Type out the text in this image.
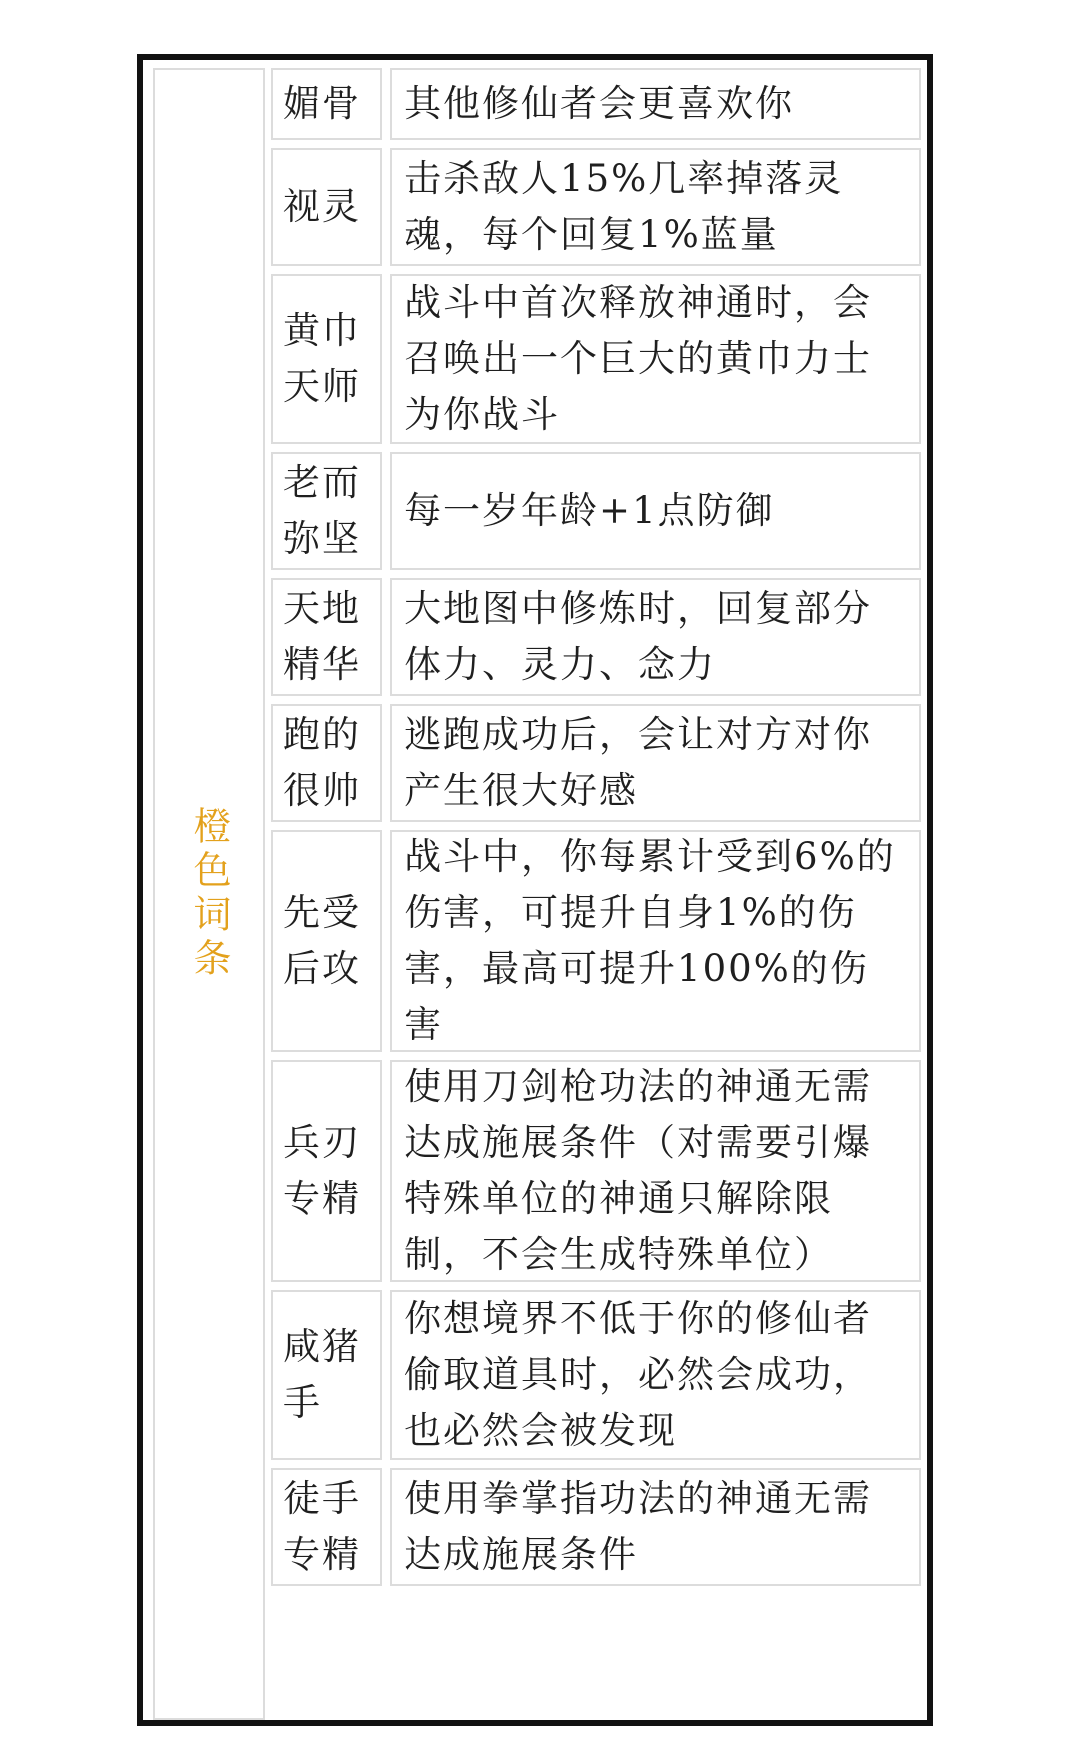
橙色词条
媚骨	其他修仙者会更喜欢你
视灵
击杀敌人15%几率掉落灵魂，每个回复1%蓝量
黄巾天师
战斗中首次释放神通时，会召唤出一个巨大的黄巾力士为你战斗
老而弥坚
每一岁年龄+1点防御
天地精华
大地图中修炼时，回复部分体力、灵力、念力
跑的很帅
逃跑成功后，会让对方对你产生很大好感
先受后攻
战斗中，你每累计受到6%的伤害，可提升自身1%的伤害，最高可提升100%的伤害
兵刃专精
使用刀剑枪功法的神通无需达成施展条件（对需要引爆特殊单位的神通只解除限制，不会生成特殊单位）
咸猪手
你想境界不低于你的修仙者偷取道具时，必然会成功，也必然会被发现
徒手专精
使用拳掌指功法的神通无需达成施展条件
